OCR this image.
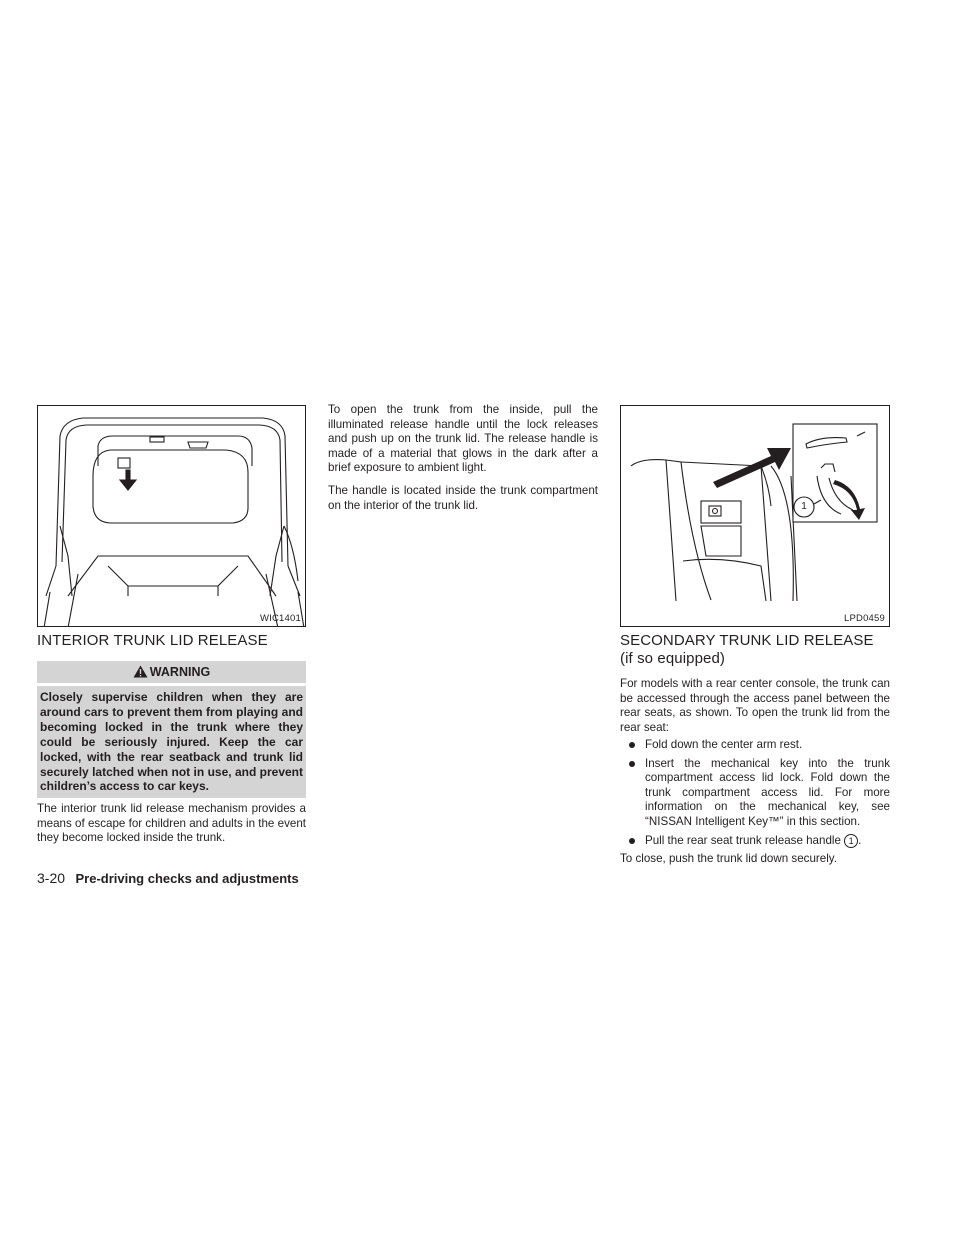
WIC1401
INTERIOR TRUNK LID RELEASE
WARNING
Closely supervise children when they are around cars to prevent them from playing and becoming locked in the trunk where they could be seriously injured. Keep the car locked, with the rear seatback and trunk lid securely latched when not in use, and prevent children’s access to car keys.
The interior trunk lid release mechanism provides a means of escape for children and adults in the event they become locked inside the trunk.
To open the trunk from the inside, pull the illuminated release handle until the lock releases and push up on the trunk lid. The release handle is made of a material that glows in the dark after a brief exposure to ambient light.
The handle is located inside the trunk compartment on the interior of the trunk lid.	1
LPD0459
SECONDARY TRUNK LID RELEASE
(if so equipped)
For models with a rear center console, the trunk can be accessed through the access panel between the rear seats, as shown. To open the trunk lid from the rear seat:
Fold down the center arm rest.
Insert the mechanical key into the trunk compartment access lid lock. Fold down the trunk compartment access lid. For more information on the mechanical key, see “NISSAN Intelligent Key™” in this section.
Pull the rear seat trunk release handle 1 .
To close, push the trunk lid down securely.
3-20 Pre-driving checks and adjustments
